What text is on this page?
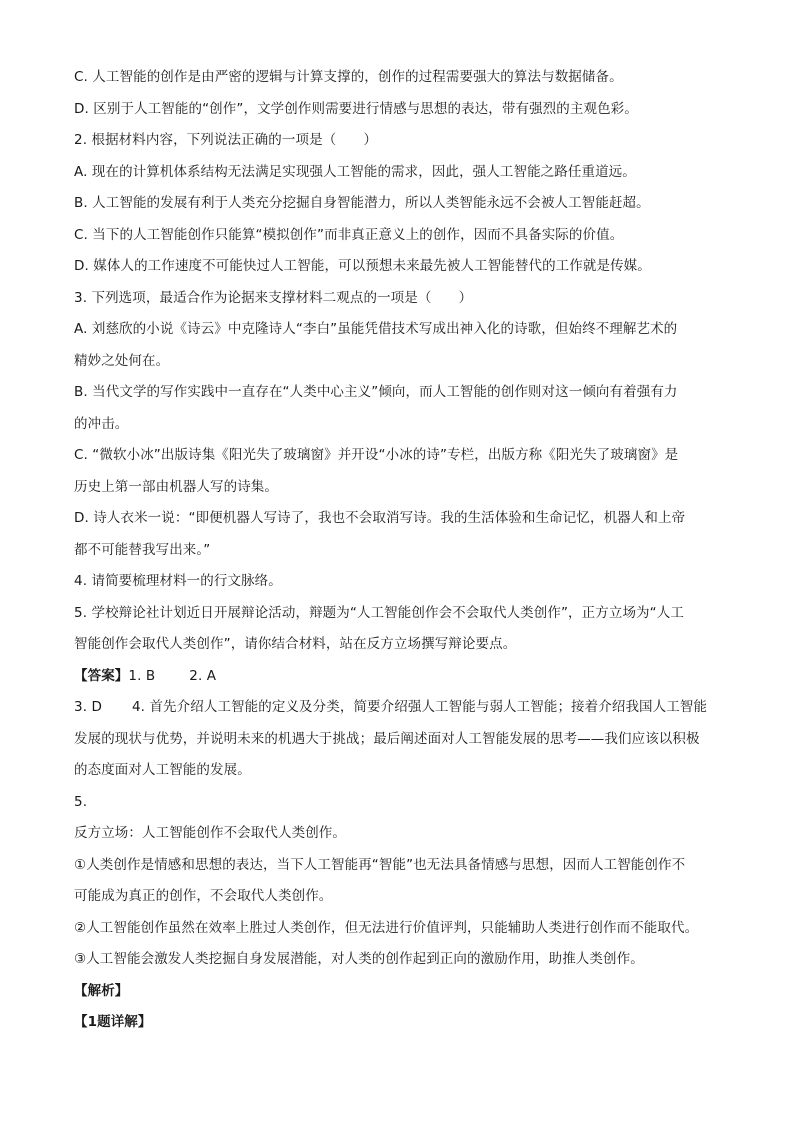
C. 人工智能的创作是由严密的逻辑与计算支撑的，创作的过程需要强大的算法与数据储备。
D. 区别于人工智能的“创作”，文学创作则需要进行情感与思想的表达，带有强烈的主观色彩。
2. 根据材料内容，下列说法正确的一项是（　　）
A. 现在的计算机体系结构无法满足实现强人工智能的需求，因此，强人工智能之路任重道远。
B. 人工智能的发展有利于人类充分挖掘自身智能潜力，所以人类智能永远不会被人工智能赶超。
C. 当下的人工智能创作只能算“模拟创作”而非真正意义上的创作，因而不具备实际的价值。
D. 媒体人的工作速度不可能快过人工智能，可以预想未来最先被人工智能替代的工作就是传媒。
3. 下列选项，最适合作为论据来支撑材料二观点的一项是（　　）
A. 刘慈欣的小说《诗云》中克隆诗人“李白”虽能凭借技术写成出神入化的诗歌，但始终不理解艺术的
精妙之处何在。
B. 当代文学的写作实践中一直存在“人类中心主义”倾向，而人工智能的创作则对这一倾向有着强有力
的冲击。
C. “微软小冰”出版诗集《阳光失了玻璃窗》并开设“小冰的诗”专栏，出版方称《阳光失了玻璃窗》是
历史上第一部由机器人写的诗集。
D. 诗人衣米一说：“即便机器人写诗了，我也不会取消写诗。我的生活体验和生命记忆，机器人和上帝
都不可能替我写出来。”
4. 请简要梳理材料一的行文脉络。
5. 学校辩论社计划近日开展辩论活动，辩题为“人工智能创作会不会取代人类创作”，正方立场为“人工
智能创作会取代人类创作”，请你结合材料，站在反方立场撰写辩论要点。
【答案】1. B	2. A
3. D 4. 首先介绍人工智能的定义及分类，简要介绍强人工智能与弱人工智能；接着介绍我国人工智能
发展的现状与优势，并说明未来的机遇大于挑战；最后阐述面对人工智能发展的思考——我们应该以积极
的态度面对人工智能的发展。
5.
反方立场：人工智能创作不会取代人类创作。
①人类创作是情感和思想的表达，当下人工智能再“智能”也无法具备情感与思想，因而人工智能创作不
可能成为真正的创作，不会取代人类创作。
②人工智能创作虽然在效率上胜过人类创作，但无法进行价值评判，只能辅助人类进行创作而不能取代。
③人工智能会激发人类挖掘自身发展潜能，对人类的创作起到正向的激励作用，助推人类创作。
【解析】
【1题详解】
